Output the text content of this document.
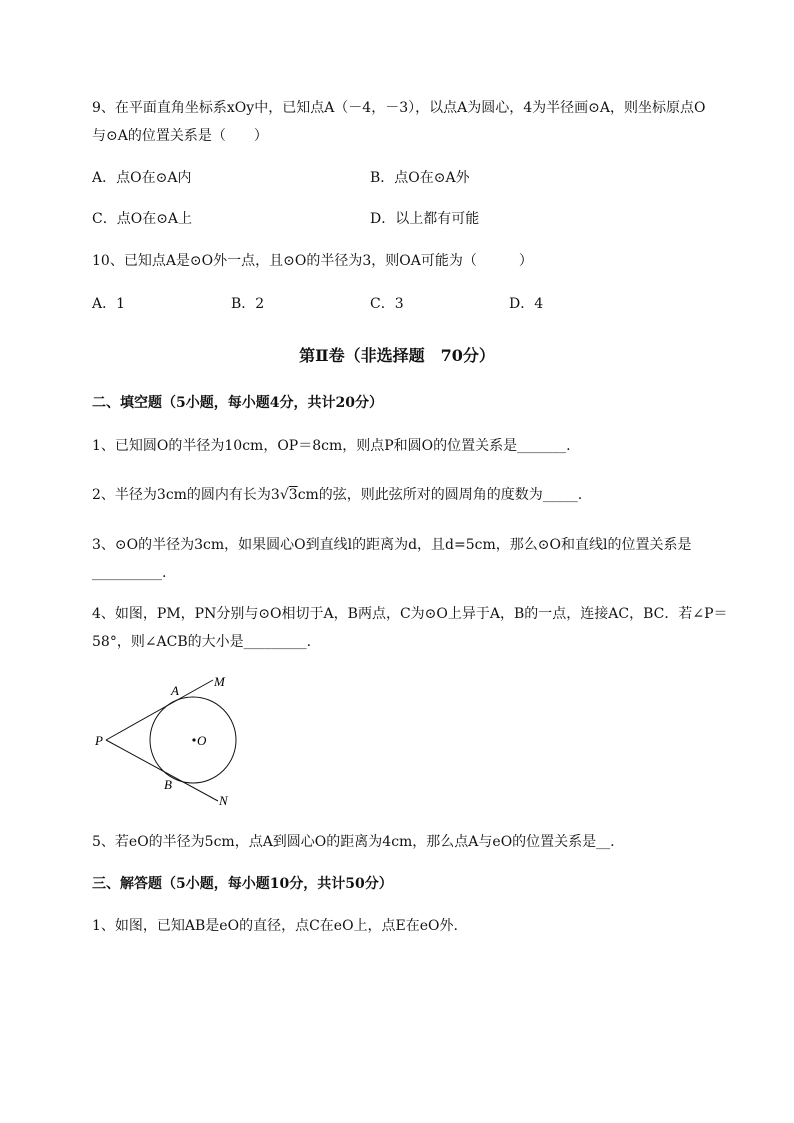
9、在平面直角坐标系xOy中，已知点A（－4，－3），以点A为圆心，4为半径画⊙A，则坐标原点O
与⊙A的位置关系是（　　）
A．点O在⊙A内	B．点O在⊙A外
C．点O在⊙A上	D．以上都有可能
10、已知点A是⊙O外一点，且⊙O的半径为3，则OA可能为（　　　）
A．1	B．2	C．3	D．4
第Ⅱ卷（非选择题　70分）
二、填空题（5小题，每小题4分，共计20分）
1、已知圆O的半径为10cm，OP＝8cm，则点P和圆O的位置关系是_______.
2、半径为3cm的圆内有长为3√3cm的弦，则此弦所对的圆周角的度数为_____.
3、⊙O的半径为3cm，如果圆心O到直线l的距离为d，且d=5cm，那么⊙O和直线l的位置关系是
__________.
4、如图，PM，PN分别与⊙O相切于A，B两点，C为⊙O上异于A，B的一点，连接AC，BC．若∠P＝
58°，则∠ACB的大小是_________.
A
M
P	O
B
N
5、若eO的半径为5cm，点A到圆心O的距离为4cm，那么点A与eO的位置关系是__.
三、解答题（5小题，每小题10分，共计50分）
1、如图，已知AB是eO的直径，点C在eO上，点E在eO外.
